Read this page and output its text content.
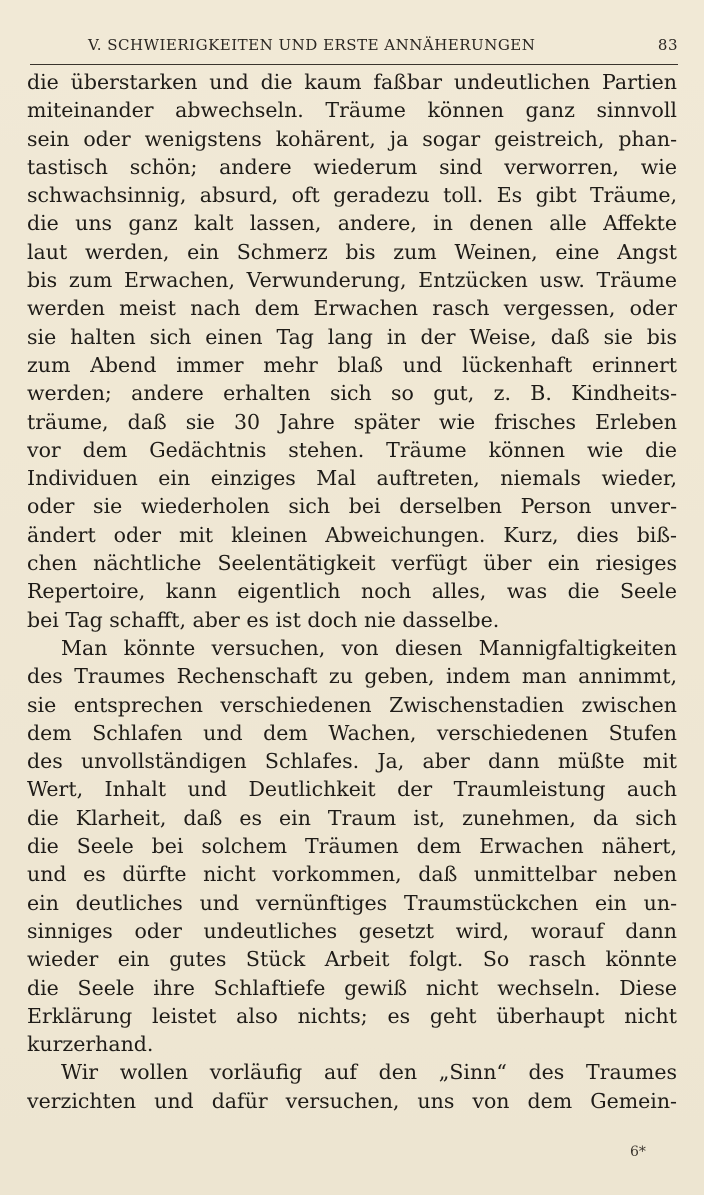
V. SCHWIERIGKEITEN UND ERSTE ANNÄHERUNGEN	83
die überstarken und die kaum faßbar undeutlichen Partien
miteinander abwechseln. Träume können ganz sinnvoll
sein oder wenigstens kohärent, ja sogar geistreich, phan-
tastisch schön; andere wiederum sind verworren, wie
schwachsinnig, absurd, oft geradezu toll. Es gibt Träume,
die uns ganz kalt lassen, andere, in denen alle Affekte
laut werden, ein Schmerz bis zum Weinen, eine Angst
bis zum Erwachen, Verwunderung, Entzücken usw. Träume
werden meist nach dem Erwachen rasch vergessen, oder
sie halten sich einen Tag lang in der Weise, daß sie bis
zum Abend immer mehr blaß und lückenhaft erinnert
werden; andere erhalten sich so gut, z. B. Kindheits-
träume, daß sie 30 Jahre später wie frisches Erleben
vor dem Gedächtnis stehen. Träume können wie die
Individuen ein einziges Mal auftreten, niemals wieder,
oder sie wiederholen sich bei derselben Person unver-
ändert oder mit kleinen Abweichungen. Kurz, dies biß-
chen nächtliche Seelentätigkeit verfügt über ein riesiges
Repertoire, kann eigentlich noch alles, was die Seele
bei Tag schafft, aber es ist doch nie dasselbe.
Man könnte versuchen, von diesen Mannigfaltigkeiten
des Traumes Rechenschaft zu geben, indem man annimmt,
sie entsprechen verschiedenen Zwischenstadien zwischen
dem Schlafen und dem Wachen, verschiedenen Stufen
des unvollständigen Schlafes. Ja, aber dann müßte mit
Wert, Inhalt und Deutlichkeit der Traumleistung auch
die Klarheit, daß es ein Traum ist, zunehmen, da sich
die Seele bei solchem Träumen dem Erwachen nähert,
und es dürfte nicht vorkommen, daß unmittelbar neben
ein deutliches und vernünftiges Traumstückchen ein un-
sinniges oder undeutliches gesetzt wird, worauf dann
wieder ein gutes Stück Arbeit folgt. So rasch könnte
die Seele ihre Schlaftiefe gewiß nicht wechseln. Diese
Erklärung leistet also nichts; es geht überhaupt nicht
kurzerhand.
Wir wollen vorläufig auf den „Sinn“ des Traumes
verzichten und dafür versuchen, uns von dem Gemein-
6*
